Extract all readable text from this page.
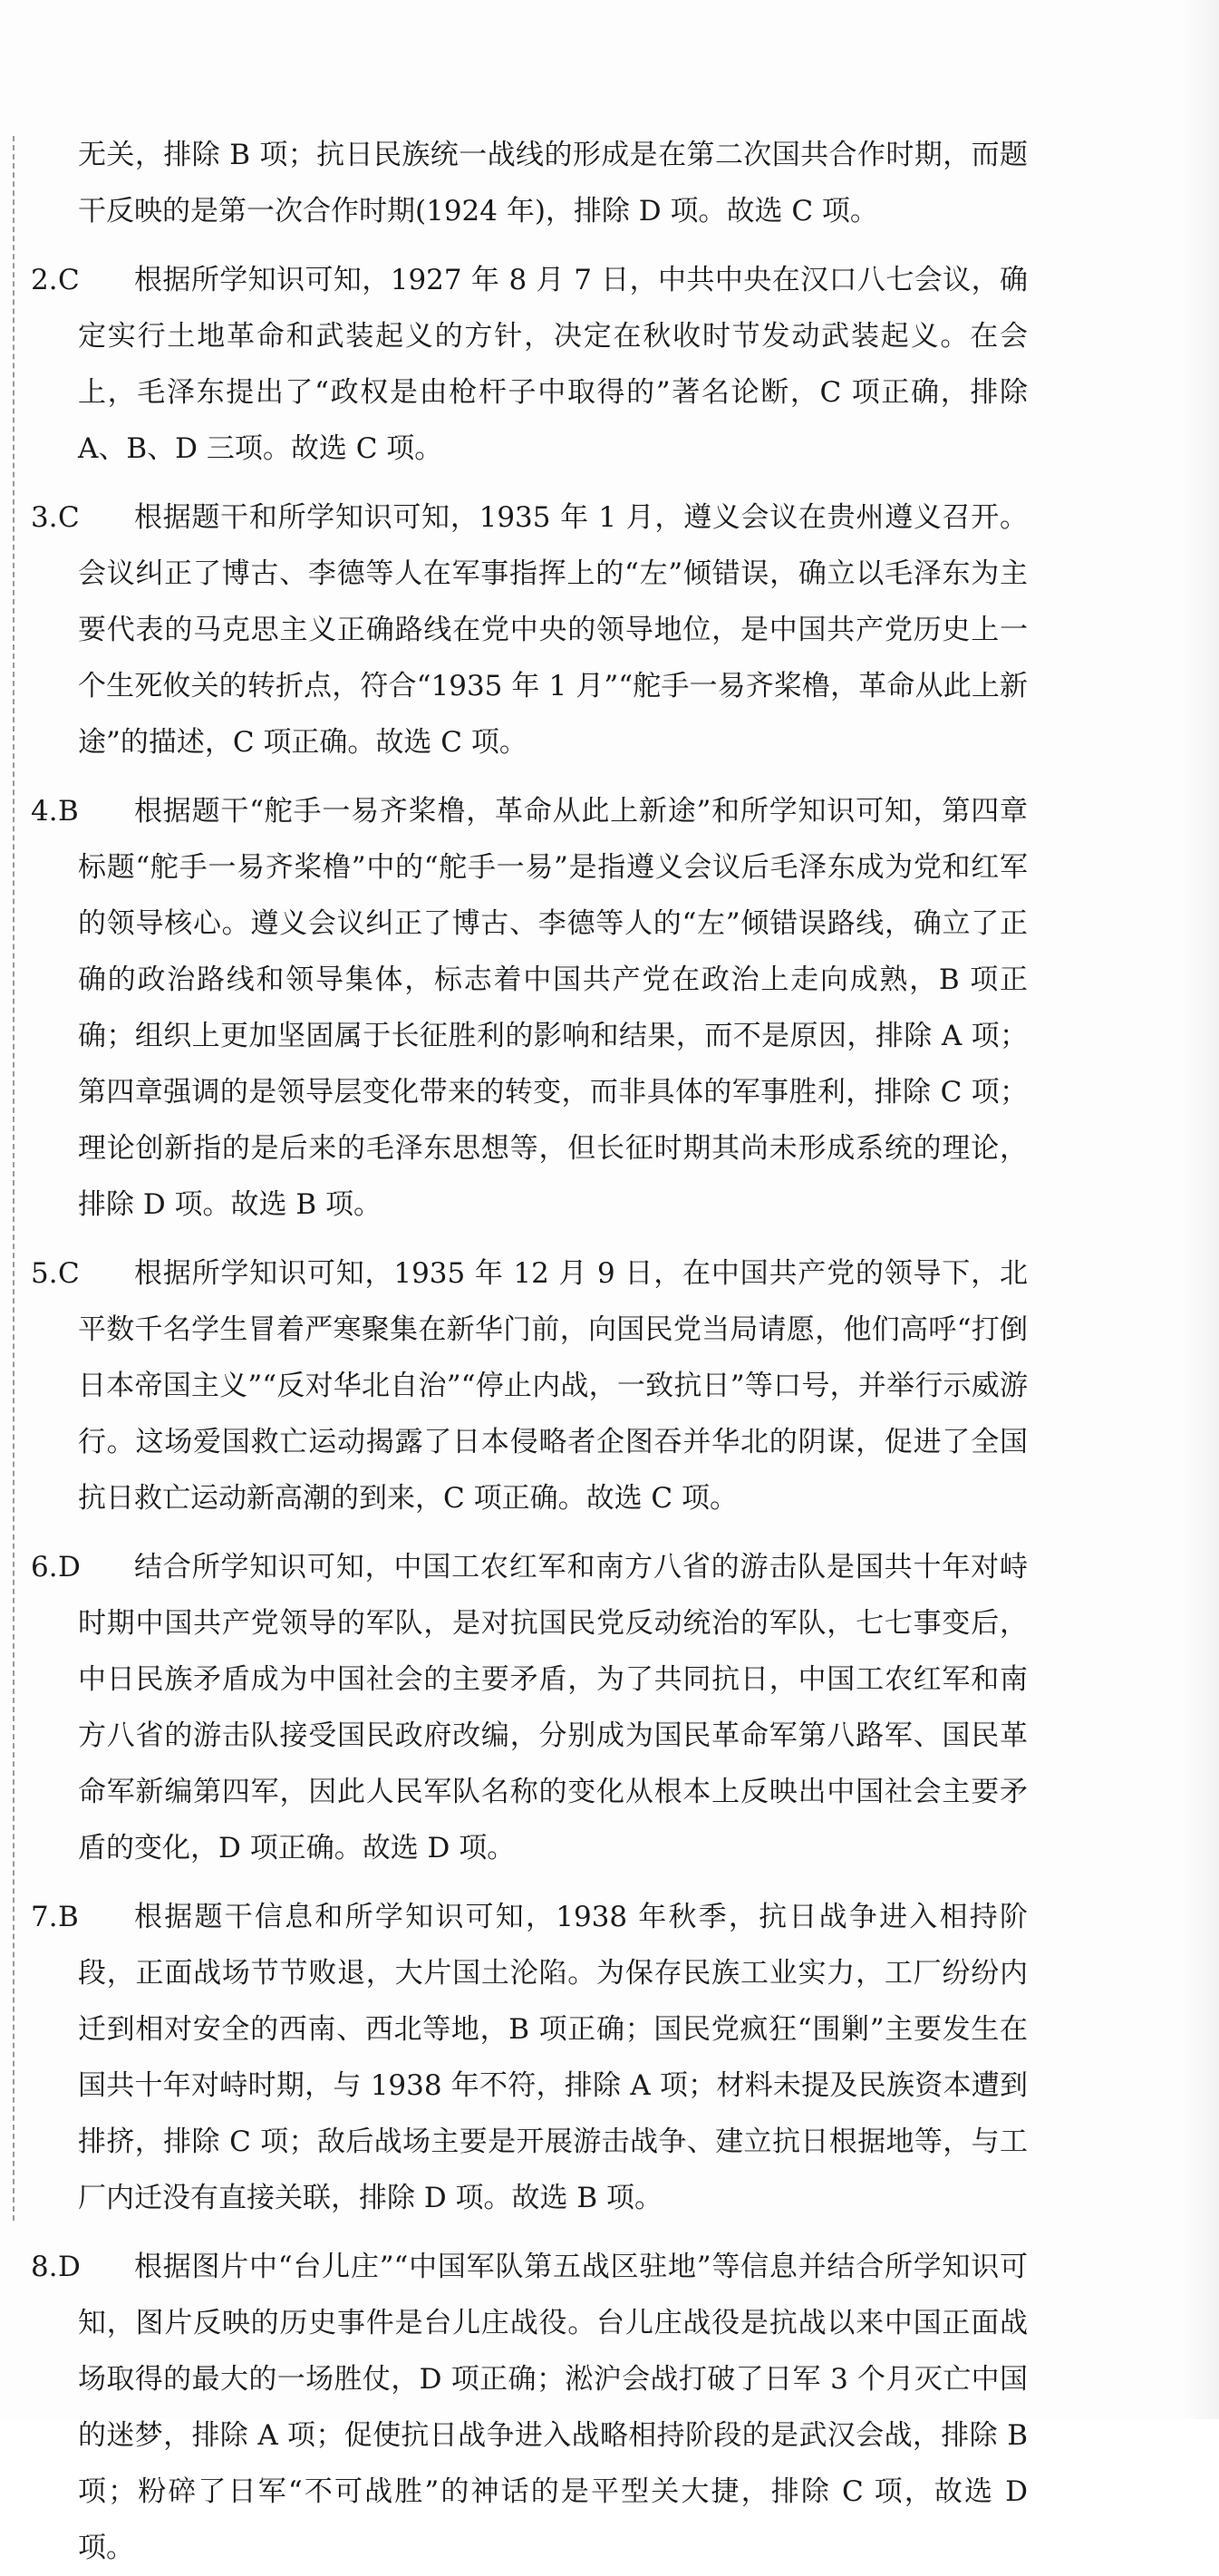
无关，排除 B 项；抗日民族统一战线的形成是在第二次国共合作时期，而题干反映的是第一次合作时期(1924 年)，排除 D 项。故选 C 项。
2.C	根据所学知识可知，1927 年 8 月 7 日，中共中央在汉口八七会议，确定实行土地革命和武装起义的方针，决定在秋收时节发动武装起义。在会上，毛泽东提出了“政权是由枪杆子中取得的”著名论断，C 项正确，排除 A、B、D 三项。故选 C 项。
3.C	根据题干和所学知识可知，1935 年 1 月，遵义会议在贵州遵义召开。会议纠正了博古、李德等人在军事指挥上的“左”倾错误，确立以毛泽东为主要代表的马克思主义正确路线在党中央的领导地位，是中国共产党历史上一个生死攸关的转折点，符合“1935 年 1 月”“舵手一易齐桨橹，革命从此上新途”的描述，C 项正确。故选 C 项。
4.B	根据题干“舵手一易齐桨橹，革命从此上新途”和所学知识可知，第四章标题“舵手一易齐桨橹”中的“舵手一易”是指遵义会议后毛泽东成为党和红军的领导核心。遵义会议纠正了博古、李德等人的“左”倾错误路线，确立了正确的政治路线和领导集体，标志着中国共产党在政治上走向成熟，B 项正确；组织上更加坚固属于长征胜利的影响和结果，而不是原因，排除 A 项；第四章强调的是领导层变化带来的转变，而非具体的军事胜利，排除 C 项；理论创新指的是后来的毛泽东思想等，但长征时期其尚未形成系统的理论，排除 D 项。故选 B 项。
5.C	根据所学知识可知，1935 年 12 月 9 日，在中国共产党的领导下，北平数千名学生冒着严寒聚集在新华门前，向国民党当局请愿，他们高呼“打倒日本帝国主义”“反对华北自治”“停止内战，一致抗日”等口号，并举行示威游行。这场爱国救亡运动揭露了日本侵略者企图吞并华北的阴谋，促进了全国抗日救亡运动新高潮的到来，C 项正确。故选 C 项。
6.D	结合所学知识可知，中国工农红军和南方八省的游击队是国共十年对峙时期中国共产党领导的军队，是对抗国民党反动统治的军队，七七事变后，中日民族矛盾成为中国社会的主要矛盾，为了共同抗日，中国工农红军和南方八省的游击队接受国民政府改编，分别成为国民革命军第八路军、国民革命军新编第四军，因此人民军队名称的变化从根本上反映出中国社会主要矛盾的变化，D 项正确。故选 D 项。
7.B	根据题干信息和所学知识可知，1938 年秋季，抗日战争进入相持阶段，正面战场节节败退，大片国土沦陷。为保存民族工业实力，工厂纷纷内迁到相对安全的西南、西北等地，B 项正确；国民党疯狂“围剿”主要发生在国共十年对峙时期，与 1938 年不符，排除 A 项；材料未提及民族资本遭到排挤，排除 C 项；敌后战场主要是开展游击战争、建立抗日根据地等，与工厂内迁没有直接关联，排除 D 项。故选 B 项。
8.D	根据图片中“台儿庄”“中国军队第五战区驻地”等信息并结合所学知识可知，图片反映的历史事件是台儿庄战役。台儿庄战役是抗战以来中国正面战场取得的最大的一场胜仗，D 项正确；淞沪会战打破了日军 3 个月灭亡中国的迷梦，排除 A 项；促使抗日战争进入战略相持阶段的是武汉会战，排除 B 项；粉碎了日军“不可战胜”的神话的是平型关大捷，排除 C 项，故选 D 项。
